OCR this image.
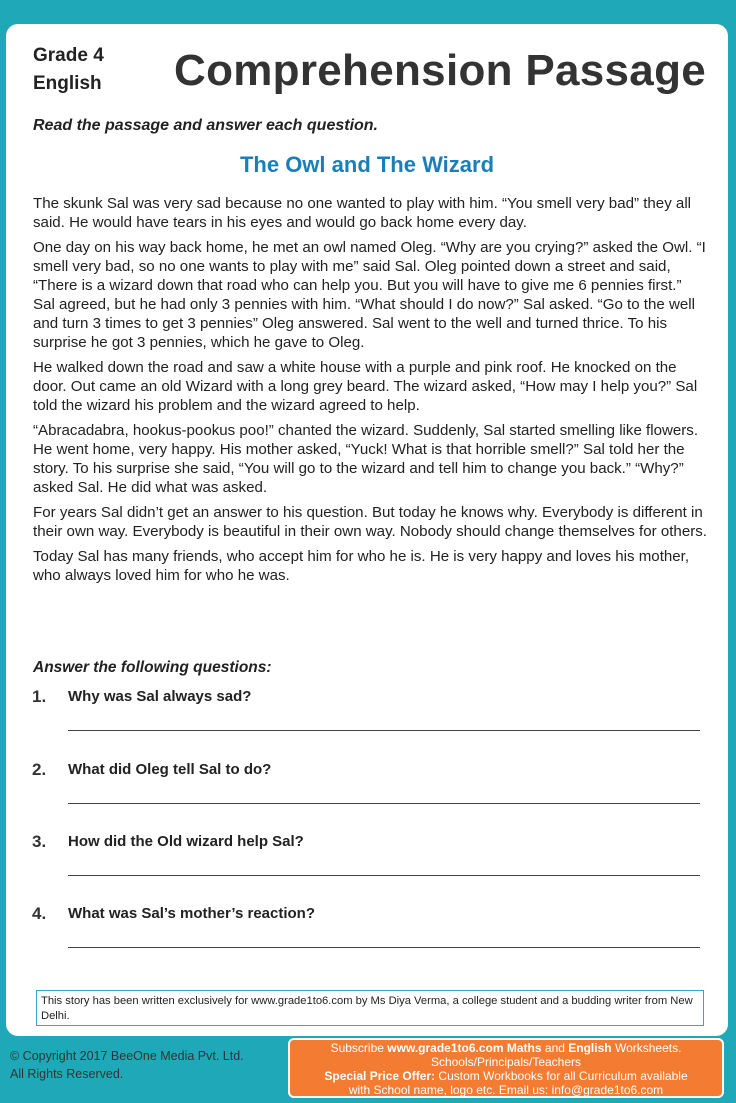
Grade 4
English Comprehension Passage
Read the passage and answer each question.
The Owl and The Wizard

The skunk Sal was very sad because no one wanted to play with him. “You smell very bad” they all said. He would have tears in his eyes and would go back home every day.

One day on his way back home, he met an owl named Oleg. “Why are you crying?” asked the Owl. “I smell very bad, so no one wants to play with me” said Sal. Oleg pointed down a street and said, “There is a wizard down that road who can help you. But you will have to give me 6 pennies first.” Sal agreed, but he had only 3 pennies with him. “What should I do now?” Sal asked. “Go to the well and turn 3 times to get 3 pennies” Oleg answered. Sal went to the well and turned thrice. To his surprise he got 3 pennies, which he gave to Oleg.

He walked down the road and saw a white house with a purple and pink roof. He knocked on the door. Out came an old Wizard with a long grey beard. The wizard asked, “How may I help you?” Sal told the wizard his problem and the wizard agreed to help.

“Abracadabra, hookus-pookus poo!” chanted the wizard. Suddenly, Sal started smelling like flowers. He went home, very happy. His mother asked, “Yuck! What is that horrible smell?” Sal told her the story. To his surprise she said, “You will go to the wizard and tell him to change you back.” “Why?” asked Sal. He did what was asked.

For years Sal didn’t get an answer to his question. But today he knows why. Everybody is different in their own way. Everybody is beautiful in their own way. Nobody should change themselves for others.

Today Sal has many friends, who accept him for who he is. He is very happy and loves his mother, who always loved him for who he was.

Answer the following questions:
1. Why was Sal always sad?
2. What did Oleg tell Sal to do?
3. How did the Old wizard help Sal?
4. What was Sal’s mother’s reaction?
This story has been written exclusively for www.grade1to6.com by Ms Diya Verma, a college student and a budding writer from New Delhi.
© Copyright 2017 BeeOne Media Pvt. Ltd.
All Rights Reserved.
Subscribe www.grade1to6.com Maths and English Worksheets.
Schools/Principals/Teachers
Special Price Offer: Custom Workbooks for all Curriculum available
with School name, logo etc. Email us: info@grade1to6.com
